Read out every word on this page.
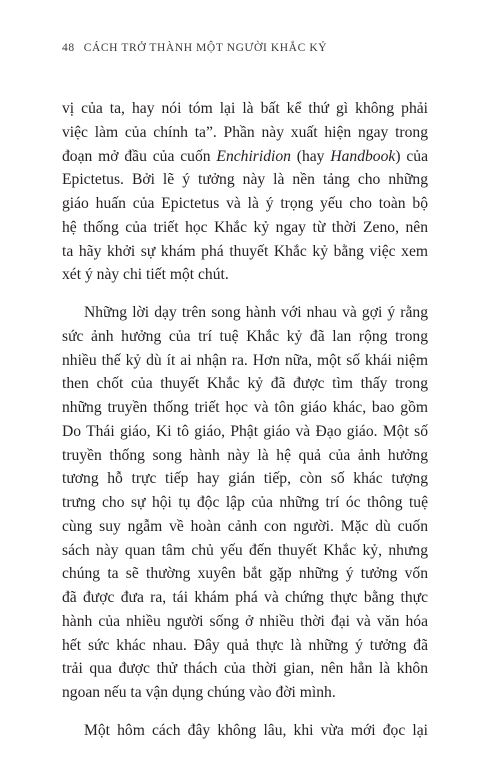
48 CÁCH TRỞ THÀNH MỘT NGƯỜI KHẮC KỶ
vị của ta, hay nói tóm lại là bất kể thứ gì không phải
việc làm của chính ta”. Phần này xuất hiện ngay trong
đoạn mở đầu của cuốn Enchiridion (hay Handbook) của
Epictetus. Bởi lẽ ý tưởng này là nền tảng cho những
giáo huấn của Epictetus và là ý trọng yếu cho toàn bộ
hệ thống của triết học Khắc kỷ ngay từ thời Zeno, nên
ta hãy khởi sự khám phá thuyết Khắc kỷ bằng việc xem
xét ý này chi tiết một chút.
Những lời dạy trên song hành với nhau và gợi ý rằng
sức ảnh hưởng của trí tuệ Khắc kỷ đã lan rộng trong
nhiều thế kỷ dù ít ai nhận ra. Hơn nữa, một số khái niệm
then chốt của thuyết Khắc kỷ đã được tìm thấy trong
những truyền thống triết học và tôn giáo khác, bao gồm
Do Thái giáo, Ki tô giáo, Phật giáo và Đạo giáo. Một số
truyền thống song hành này là hệ quả của ảnh hưởng
tương hỗ trực tiếp hay gián tiếp, còn số khác tượng
trưng cho sự hội tụ độc lập của những trí óc thông tuệ
cùng suy ngẫm về hoàn cảnh con người. Mặc dù cuốn
sách này quan tâm chủ yếu đến thuyết Khắc kỷ, nhưng
chúng ta sẽ thường xuyên bắt gặp những ý tưởng vốn
đã được đưa ra, tái khám phá và chứng thực bằng thực
hành của nhiều người sống ở nhiều thời đại và văn hóa
hết sức khác nhau. Đây quả thực là những ý tưởng đã
trải qua được thử thách của thời gian, nên hẳn là khôn
ngoan nếu ta vận dụng chúng vào đời mình.
Một hôm cách đây không lâu, khi vừa mới đọc lại
